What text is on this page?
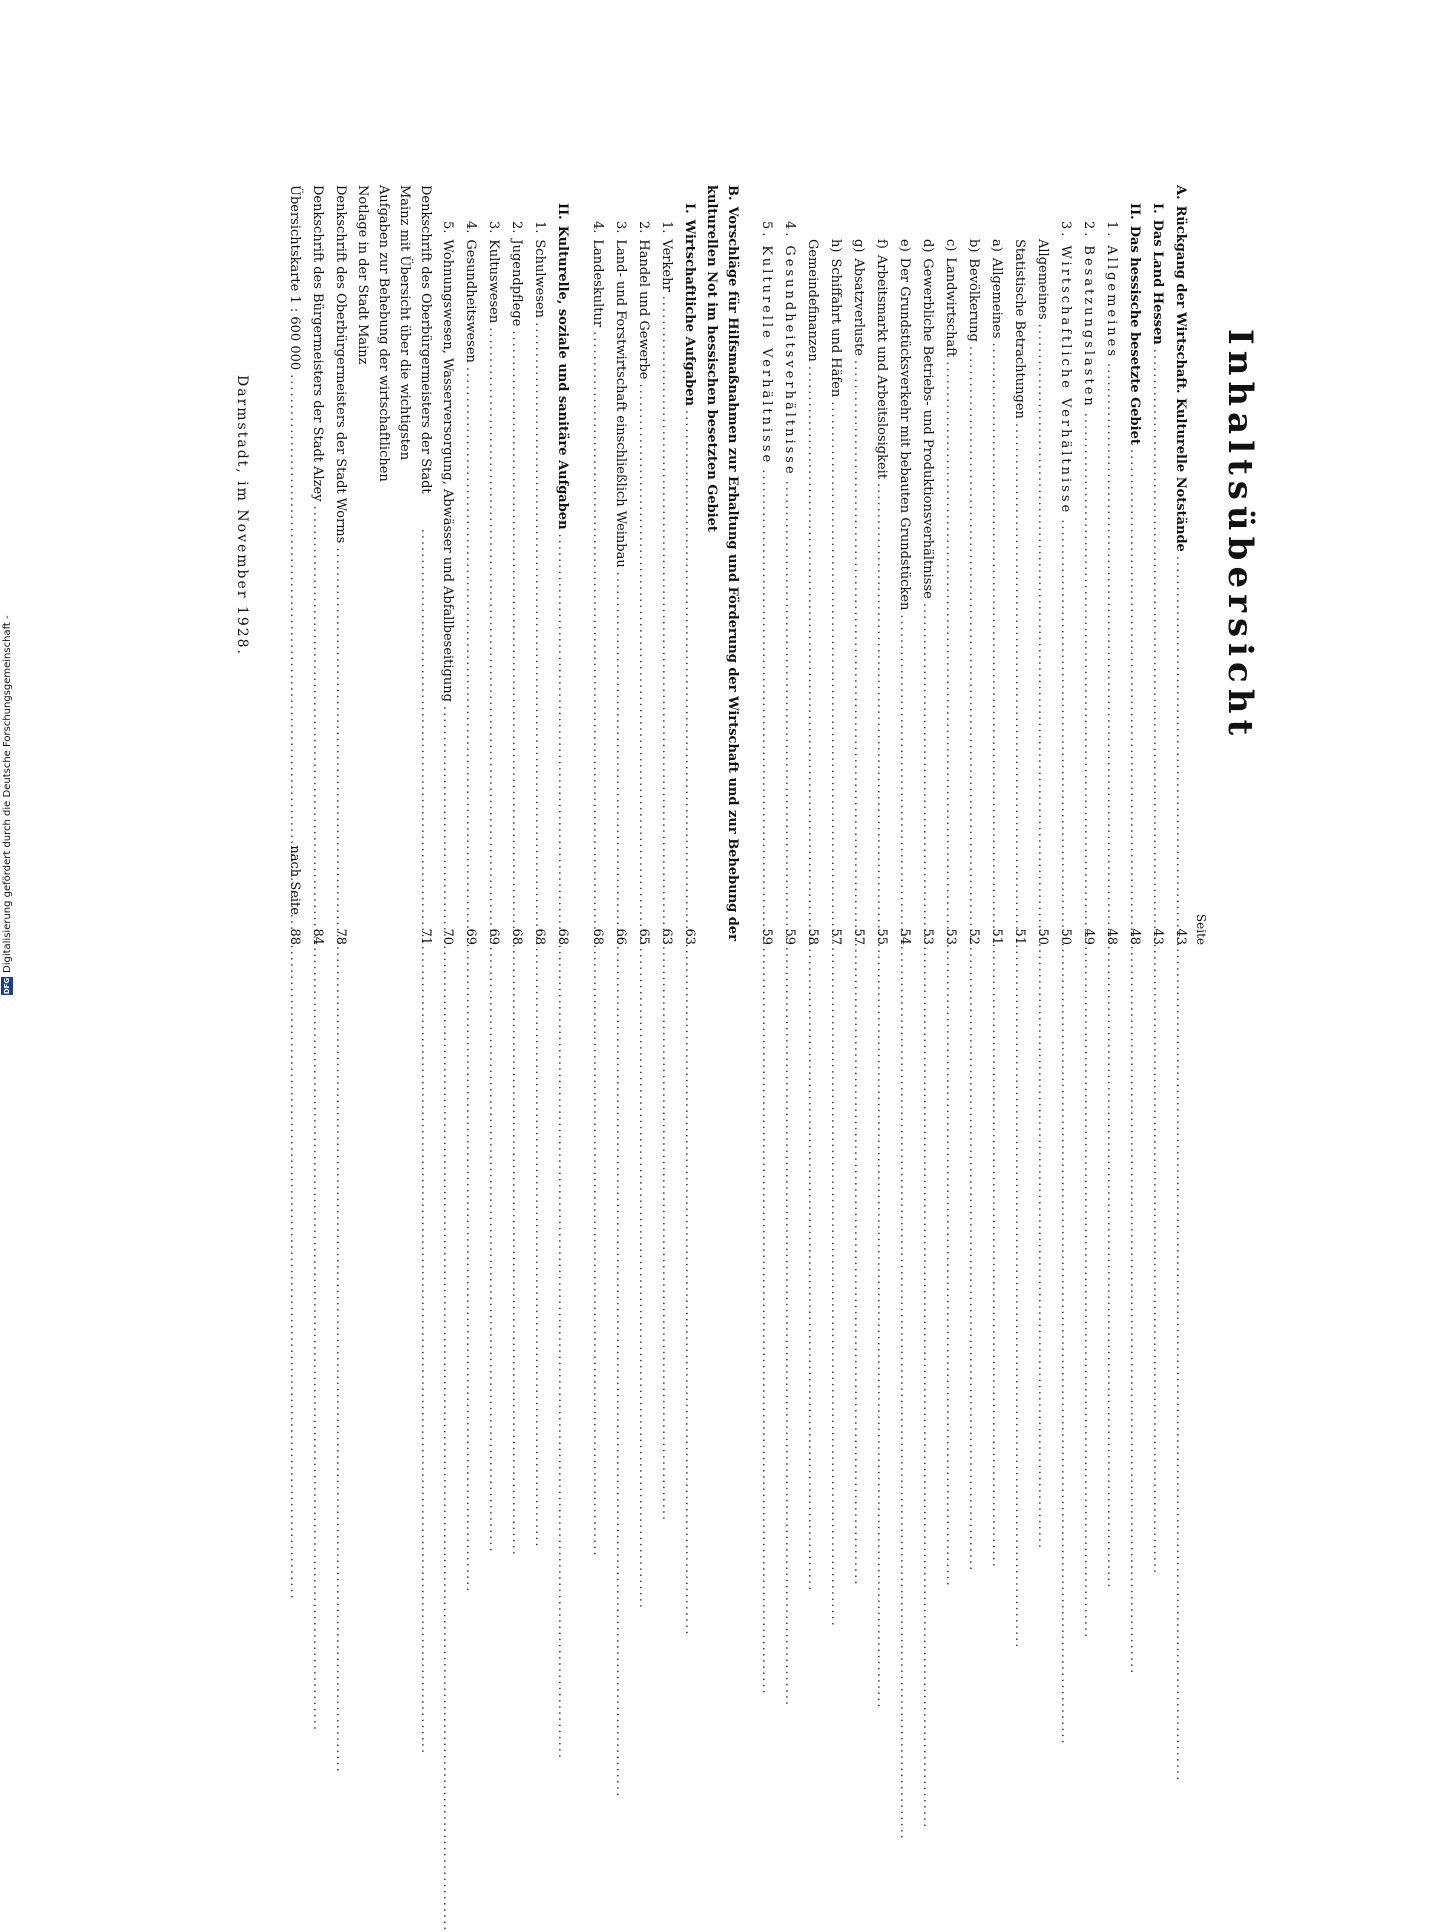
Inhaltsübersicht
Seite
A.Rückgang der Wirtschaft. Kulturelle Notstände
.....
43
I.Das Land Hessen
.....
43
II.Das hessische besetzte Gebiet
.....
48
1.Allgemeines
.....
48
2.Besatzungslasten
.....
49
3.Wirtschaftliche Verhältnisse
.....
50
Allgemeines
.....
50
Statistische Betrachtungen
.....
51
a)Allgemeines
.....
51
b)Bevölkerung
.....
52
c)Landwirtschaft
.....
53
d)Gewerbliche Betriebs- und Produktionsverhältnisse
.....
53
e)Der Grundstücksverkehr mit bebauten Grundstücken
.....
54
f)Arbeitsmarkt und Arbeitslosigkeit
.....
55
g)Absatzverluste
.....
57
h)Schiffahrt und Häfen
.....
57
Gemeindefinanzen
.....
58
4.Gesundheitsverhältnisse
.....
59
5.Kulturelle Verhältnisse
.....
59
B.Vorschläge für Hilfsmaßnahmen zur Erhaltung und Förderung der Wirtschaft und zur Behebung der kulturellen Not im hessischen besetzten Gebiet
I.Wirtschaftliche Aufgaben
.....
63
1.Verkehr
.....
63
2.Handel und Gewerbe
.....
65
3.Land- und Forstwirtschaft einschließlich Weinbau
.....
66
4.Landeskultur
.....
68
II.Kulturelle, soziale und sanitäre Aufgaben
.....
68
1.Schulwesen
.....
68
2.Jugendpflege
.....
68
3.Kultuswesen
.....
69
4.Gesundheitswesen
.....
69
5.Wohnungswesen, Wasserversorgung, Abwässer und Abfallbeseitigung
.....
70
Denkschrift des Oberbürgermeisters der Stadt Mainz mit Übersicht über die wichtigsten Aufgaben zur Behebung der wirtschaftlichen Notlage in der Stadt Mainz
.....
71
Denkschrift des Oberbürgermeisters der Stadt Worms
.....
78
Denkschrift des Bürgermeisters der Stadt Alzey
.....
84
Übersichtskarte 1 : 600 000
.....
nach Seite
88
Darmstadt, im November 1928.
DFG
Digitalisierung gefördert durch die Deutsche Forschungsgemeinschaft -
